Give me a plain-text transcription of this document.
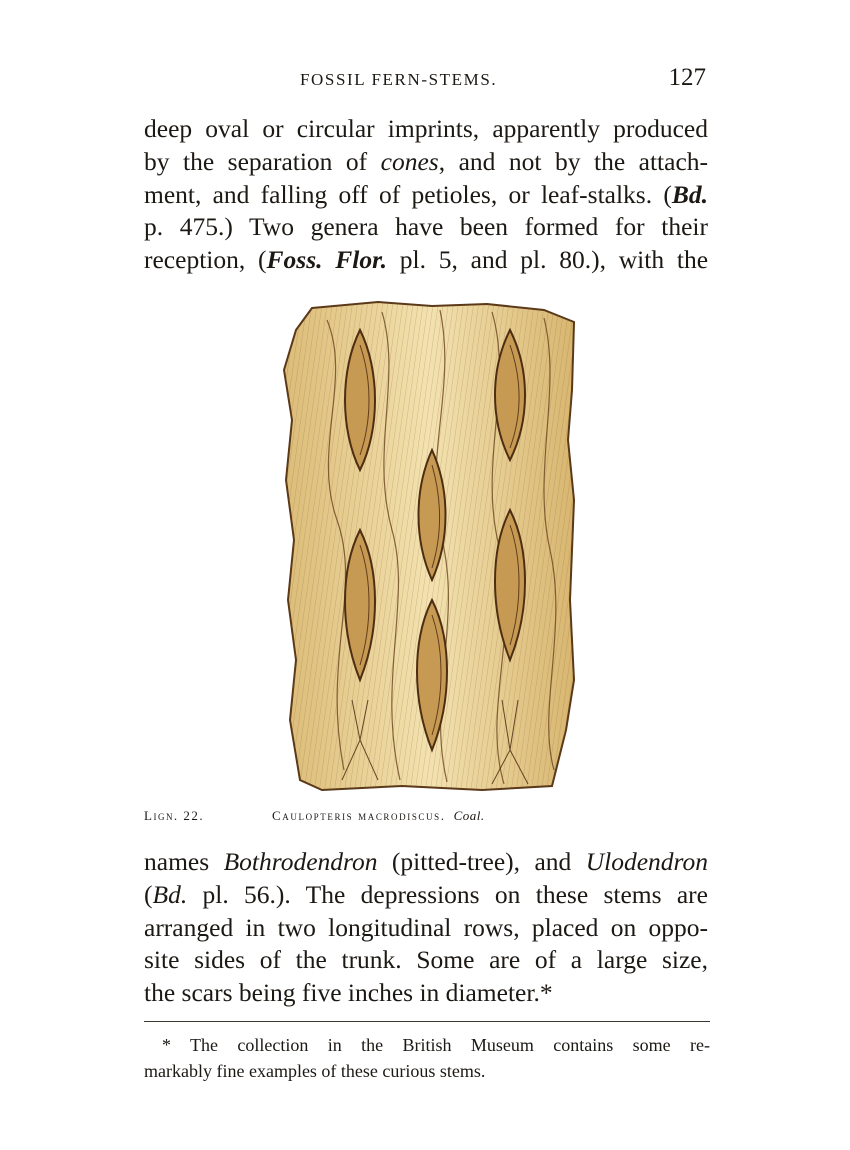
FOSSIL FERN-STEMS.	127
deep oval or circular imprints, apparently produced
by the separation of cones, and not by the attach-
ment, and falling off of petioles, or leaf-stalks. (Bd.
p. 475.) Two genera have been formed for their
reception, (Foss. Flor. pl. 5, and pl. 80.), with the
Lign. 22.	Caulopteris macrodiscus. Coal.
names Bothrodendron (pitted-tree), and Ulodendron
(Bd. pl. 56.). The depressions on these stems are
arranged in two longitudinal rows, placed on oppo-
site sides of the trunk. Some are of a large size,
the scars being five inches in diameter.*
* The collection in the British Museum contains some re-
markably fine examples of these curious stems.
